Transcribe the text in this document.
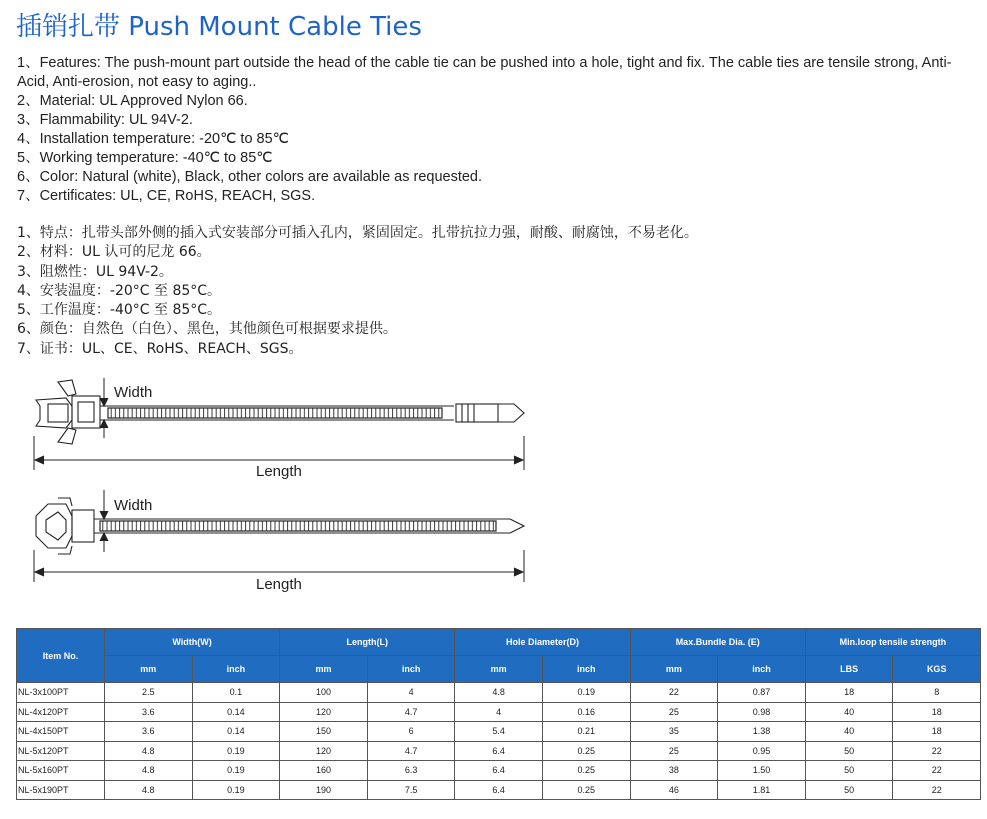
插销扎带 Push Mount Cable Ties
1、Features: The push-mount part outside the head of the cable tie can be pushed into a hole, tight and fix. The cable ties are tensile strong, Anti-Acid, Anti-erosion, not easy to aging..
2、Material: UL Approved Nylon 66.
3、Flammability: UL 94V-2.
4、Installation temperature: -20℃ to 85℃
5、Working temperature: -40℃ to 85℃
6、Color: Natural (white), Black, other colors are available as requested.
7、Certificates: UL, CE, RoHS, REACH, SGS.
1、特点：扎带头部外侧的插入式安装部分可插入孔内，紧固固定。扎带抗拉力强，耐酸、耐腐蚀，不易老化。
2、材料：UL 认可的尼龙 66。
3、阻燃性：UL 94V-2。
4、安装温度：-20°C 至 85°C。
5、工作温度：-40°C 至 85°C。
6、颜色：自然色（白色）、黑色，其他颜色可根据要求提供。
7、证书：UL、CE、RoHS、REACH、SGS。
Width
Length
Width
Length
Item No.	Width(W)		Length(L)		Hole Diameter(D)		Max.Bundle Dia. (E)		Min.loop tensile strength	
	mm	inch	mm	inch	mm	inch	mm	inch	LBS	KGS
NL-3x100PT	2.5	0.1	100	4	4.8	0.19	22	0.87	18	8
NL-4x120PT	3.6	0.14	120	4.7	4	0.16	25	0.98	40	18
NL-4x150PT	3.6	0.14	150	6	5.4	0.21	35	1.38	40	18
NL-5x120PT	4.8	0.19	120	4.7	6.4	0.25	25	0.95	50	22
NL-5x160PT	4.8	0.19	160	6.3	6.4	0.25	38	1.50	50	22
NL-5x190PT	4.8	0.19	190	7.5	6.4	0.25	46	1.81	50	22
